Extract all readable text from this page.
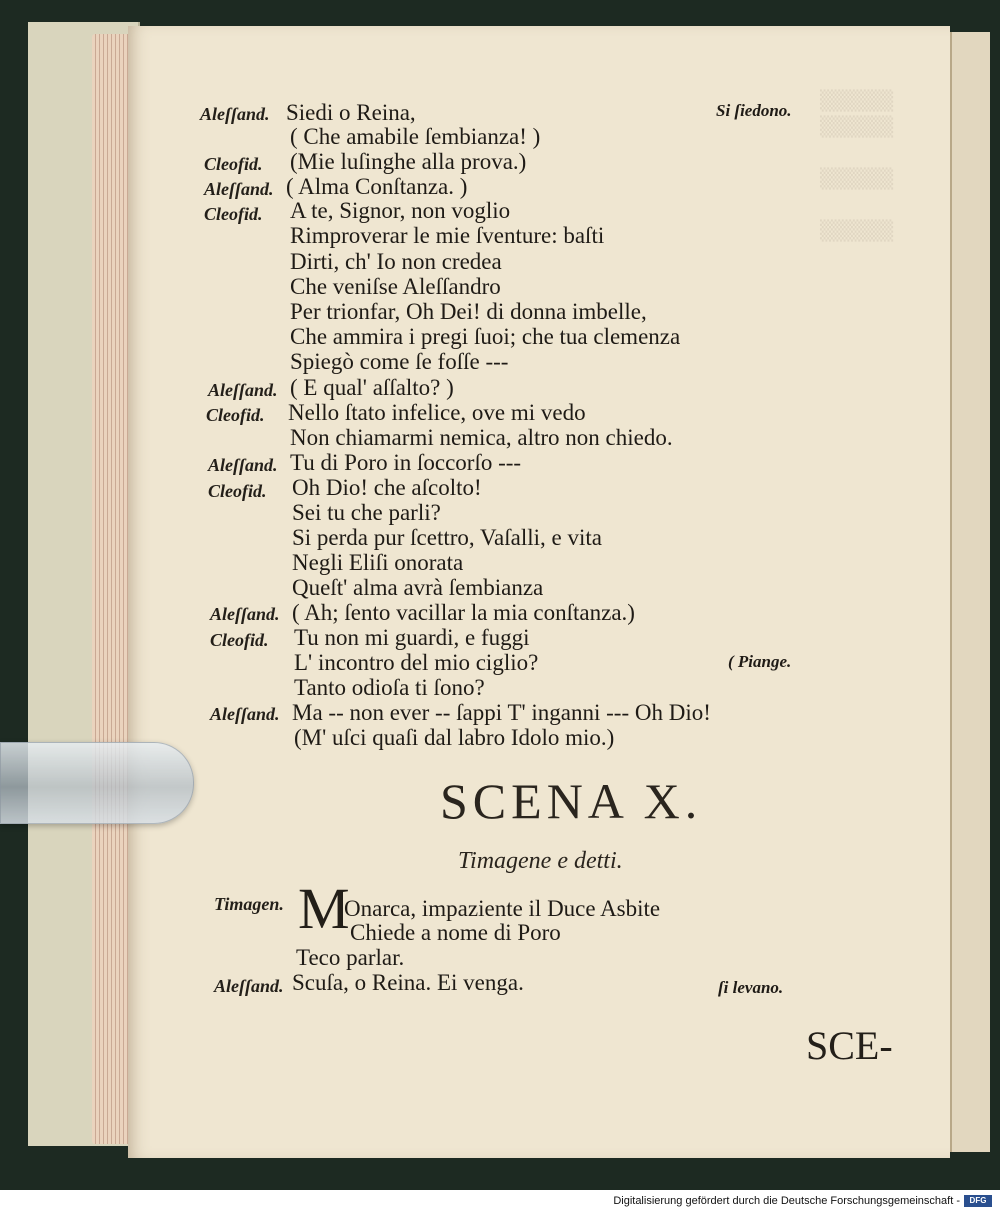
▒▒▒▒▒
▒▒▒▒▒

▒▒▒▒▒

▒▒▒▒▒
Aleſſand. Siedi o Reina,
( Che amabile ſembianza! )
Cleofid. (Mie luſinghe alla prova.)
Aleſſand. ( Alma Conſtanza. )
Cleofid. A te, Signor, non voglio
Rimproverar le mie ſventure: baſti
Dirti, ch' Io non credea
Che veniſse Aleſſandro
Per trionfar, Oh Dei! di donna imbelle,
Che ammira i pregi ſuoi; che tua clemenza
Spiegò come ſe foſſe ---
Aleſſand. ( E qual' aſſalto? )
Cleofid. Nello ſtato infelice, ove mi vedo
Non chiamarmi nemica, altro non chiedo.
Aleſſand. Tu di Poro in ſoccorſo ---
Cleofid. Oh Dio! che aſcolto!
Sei tu che parli?
Si perda pur ſcettro, Vaſalli, e vita
Negli Eliſi onorata
Queſt' alma avrà ſembianza
Aleſſand. ( Ah; ſento vacillar la mia conſtanza.)
Cleofid. Tu non mi guardi, e fuggi
L' incontro del mio ciglio?
Tanto odioſa ti ſono?
Aleſſand. Ma -- non ever -- ſappi T' inganni --- Oh Dio!
(M' uſci quaſi dal labro Idolo mio.)
Si ſiedono.
( Piange.
ſi levano.
SCENA X.
Timagene e detti.
Timagen. M
Onarca, impaziente il Duce Asbite
Chiede a nome di Poro
Teco parlar.
Aleſſand. Scuſa, o Reina. Ei venga.
SCE-
Digitalisierung gefördert durch die Deutsche Forschungsgemeinschaft -	DFG
